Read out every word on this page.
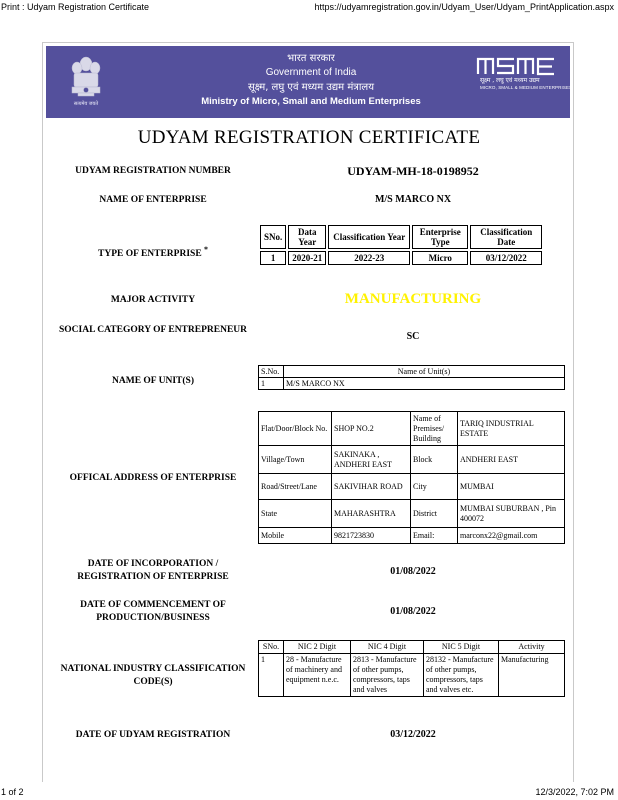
Print : Udyam Registration Certificate	https://udyamregistration.gov.in/Udyam_User/Udyam_PrintApplication.aspx
सत्यमेव जयते
भारत सरकार
Government of India
सूक्ष्म, लघु एवं मध्यम उद्यम मंत्रालय
Ministry of Micro, Small and Medium Enterprises
सूक्ष्म , लघु एवं मध्यम उद्यम
MICRO, SMALL & MEDIUM ENTERPRISES
UDYAM REGISTRATION CERTIFICATE
UDYAM REGISTRATION NUMBER	UDYAM-MH-18-0198952
NAME OF ENTERPRISE	M/S MARCO NX
TYPE OF ENTERPRISE *
SNo.	Data Year	Classification Year	Enterprise Type	Classification Date
1	2020-21	2022-23	Micro	03/12/2022
MAJOR ACTIVITY	MANUFACTURING
SOCIAL CATEGORY OF ENTREPRENEUR
SC
NAME OF UNIT(S)
S.No.	Name of Unit(s)
1	M/S MARCO NX
OFFICAL ADDRESS OF ENTERPRISE
Flat/Door/Block No.	SHOP NO.2	Name of Premises/ Building	TARIQ INDUSTRIAL ESTATE
Village/Town	SAKINAKA , ANDHERI EAST	Block	ANDHERI EAST
Road/Street/Lane	SAKIVIHAR ROAD	City	MUMBAI
State	MAHARASHTRA	District	MUMBAI SUBURBAN , Pin 400072
Mobile	9821723830	Email:	marconx22@gmail.com
DATE OF INCORPORATION / REGISTRATION OF ENTERPRISE	01/08/2022
DATE OF COMMENCEMENT OF PRODUCTION/BUSINESS
01/08/2022
NATIONAL INDUSTRY CLASSIFICATION CODE(S)
SNo.	NIC 2 Digit	NIC 4 Digit	NIC 5 Digit	Activity
1	28 - Manufacture of machinery and equipment n.e.c.	2813 - Manufacture of other pumps, compressors, taps and valves	28132 - Manufacture of other pumps, compressors, taps and valves etc.	Manufacturing
DATE OF UDYAM REGISTRATION	03/12/2022
1 of 2	12/3/2022, 7:02 PM
